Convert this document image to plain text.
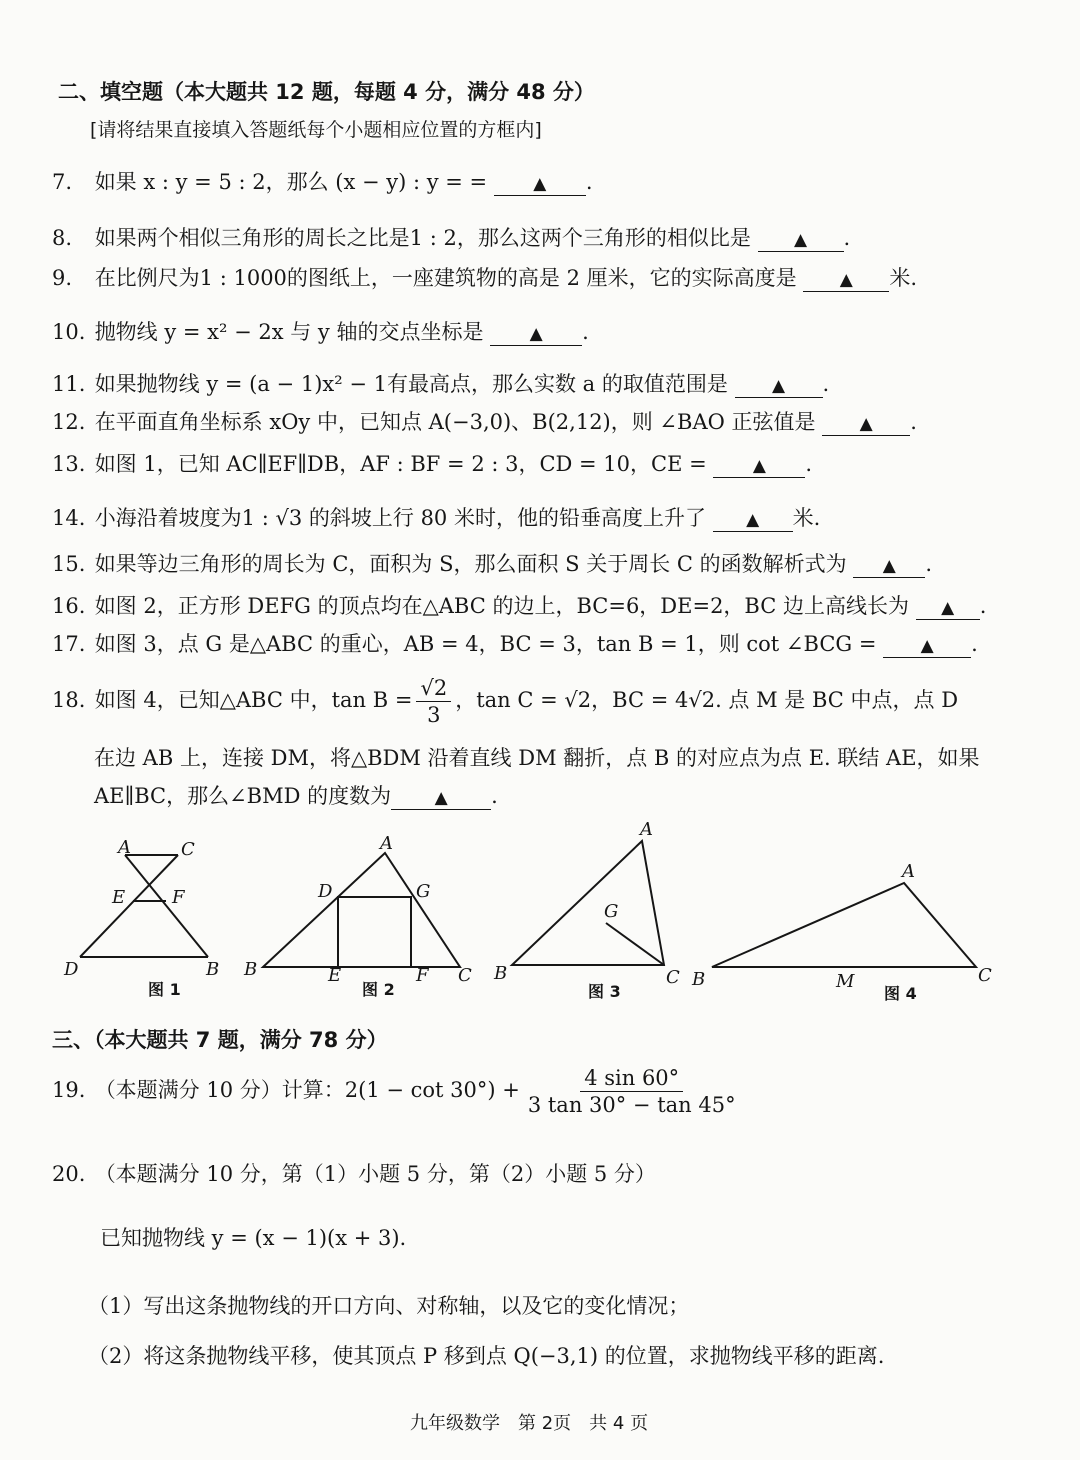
二、填空题（本大题共 12 题，每题 4 分，满分 48 分）
[请将结果直接填入答题纸每个小题相应位置的方框内]
7. 如果 x : y = 5 : 2，那么 (x − y) : y = =	▲ .
8. 如果两个相似三角形的周长之比是1 : 2，那么这两个三角形的相似比是	▲ .
9. 在比例尺为1 : 1000的图纸上，一座建筑物的高是 2 厘米，它的实际高度是	▲ 米.
10. 抛物线 y = x² − 2x 与 y 轴的交点坐标是	▲ .
11. 如果抛物线 y = (a − 1)x² − 1有最高点，那么实数 a 的取值范围是	▲ .
12. 在平面直角坐标系 xOy 中，已知点 A(−3,0)、B(2,12)，则 ∠BAO 正弦值是	▲ .
13. 如图 1，已知 AC∥EF∥DB，AF : BF = 2 : 3，CD = 10，CE =	▲ .
14. 小海沿着坡度为1 : √3 的斜坡上行 80 米时，他的铅垂高度上升了 ▲ 米.
15. 如果等边三角形的周长为 C，面积为 S，那么面积 S 关于周长 C 的函数解析式为 ▲ .
16. 如图 2，正方形 DEFG 的顶点均在△ABC 的边上，BC=6，DE=2，BC 边上高线长为 ▲ .
17. 如图 3，点 G 是△ABC 的重心，AB = 4，BC = 3，tan B = 1，则 cot ∠BCG =	▲ .
18. 如图 4，已知△ABC 中，$\tan B = \frac{√2}{3}$ ，tan C = √2，BC = 4√2. 点 M 是 BC 中点，点 D
在边 AB 上，连接 DM，将△BDM 沿着直线 DM 翻折，点 B 的对应点为点 E. 联结 AE，如果
AE∥BC，那么∠BMD 的度数为	▲ .
A	C
E	F
D	B
图 1
A
D	G
B	E	F C
图 2
A
G
B	C
图 3
A
B	M	C
图 4
三、（本大题共 7 题，满分 78 分）
19. （本题满分 10 分）计算：$2(1 - \cot 30^\circ) + \frac{4 \sin 60^\circ}{3 \tan 30^\circ - \tan 45^\circ}$
20. （本题满分 10 分，第（1）小题 5 分，第（2）小题 5 分）
已知抛物线 y = (x − 1)(x + 3).
（1）写出这条抛物线的开口方向、对称轴，以及它的变化情况；
（2）将这条抛物线平移，使其顶点 P 移到点 Q(−3,1) 的位置，求抛物线平移的距离.
九年级数学　第 2页　共 4 页
